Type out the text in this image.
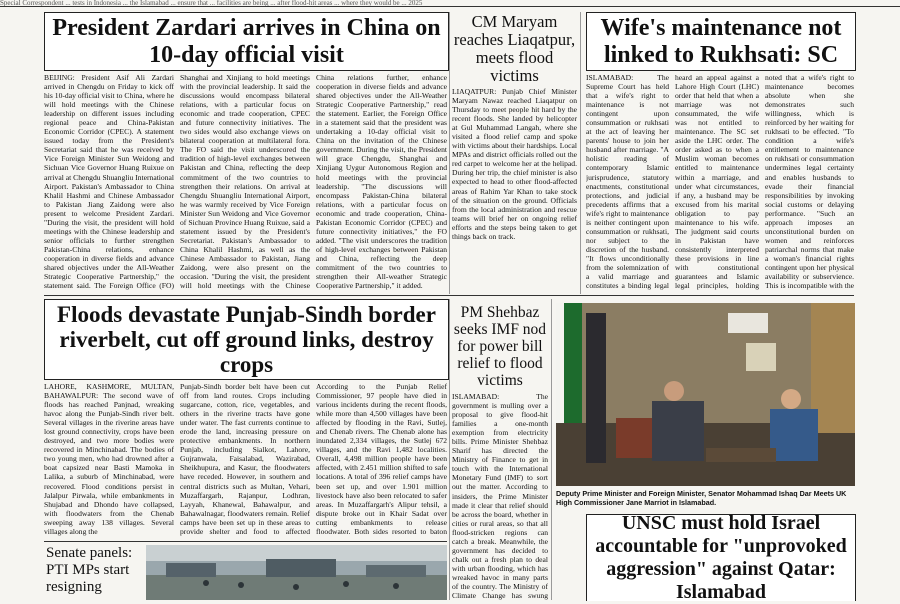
Special Correspondent ... tests in Indonesia ... the Islamabad ... ensure that ... facilities are being ... after flood-hit areas ... where they would be ... 2025
President Zardari arrives in China on 10-day official visit

BEIJING: President Asif Ali Zardari arrived in Chengdu on Friday to kick off his 10-day official visit to China, where he will hold meetings with the Chinese leadership on different issues including regional peace and China-Pakistan Economic Corridor (CPEC). A statement issued today from the President's Secretariat said that he was received by Vice Foreign Minister Sun Weidong and Sichuan Vice Governor Huang Ruixue on arrival at Chengdu Shuangliu International Airport. Pakistan's Ambassador to China Khalil Hashmi and Chinese Ambassador to Pakistan Jiang Zaidong were also present to welcome President Zardari. "During the visit, the president will hold meetings with the Chinese leadership and senior officials to further strengthen Pakistan-China relations, enhance cooperation in diverse fields and advance shared objectives under the All-Weather Strategic Cooperative Partnership," the statement said. The Foreign Office (FO)

Shanghai and Xinjiang to hold meetings with the provincial leadership. It said the discussions would encompass bilateral relations, with a particular focus on economic and trade cooperation, CPEC and future connectivity initiatives. The two sides would also exchange views on bilateral cooperation at multilateral fora. The FO said the visit underscored the tradition of high-level exchanges between Pakistan and China, reflecting the deep commitment of the two countries to strengthen their relations. On arrival at Chengdu Shuangliu International Airport, he was warmly received by Vice Foreign Minister Sun Weidong and Vice Governor of Sichuan Province Huang Ruixue, said a statement issued by the President's Secretariat. Pakistan's Ambassador to China Khalil Hashmi, as well as the Chinese Ambassador to Pakistan, Jiang Zaidong, were also present on the occasion. "During the visit, the president will hold meetings with the Chinese

China relations further, enhance cooperation in diverse fields and advance shared objectives under the All-Weather Strategic Cooperative Partnership," read the statement. Earlier, the Foreign Office in a statement said that the president was undertaking a 10-day official visit to China on the invitation of the Chinese government. During the visit, the President will grace Chengdu, Shanghai and Xinjiang Uygur Autonomous Region and hold meetings with the provincial leadership. "The discussions will encompass Pakistan-China bilateral relations, with a particular focus on economic and trade cooperation, China-Pakistan Economic Corridor (CPEC) and future connectivity initiatives," the FO added. "The visit underscores the tradition of high-level exchanges between Pakistan and China, reflecting the deep commitment of the two countries to strengthen their All-weather Strategic Cooperative Partnership," it added.

CM Maryam reaches Liaqatpur, meets flood victims

LIAQATPUR: Punjab Chief Minister Maryam Nawaz reached Liaqatpur on Thursday to meet people hit hard by the recent floods. She landed by helicopter at Gul Muhammad Langah, where she visited a flood relief camp and spoke with victims about their hardships. Local MPAs and district officials rolled out the red carpet to welcome her at the helipad. During her trip, the chief minister is also expected to head to other flood-affected areas of Rahim Yar Khan to take stock of the situation on the ground. Officials from the local administration and rescue teams will brief her on ongoing relief efforts and the steps being taken to get things back on track.

Wife's maintenance not linked to Rukhsati: SC

ISLAMABAD: The Supreme Court has held that a wife's right to maintenance is not contingent upon consummation or rukhsati at the act of leaving her parents' house to join her husband after marriage. "A holistic reading of contemporary Islamic jurisprudence, statutory enactments, constitutional protections, and judicial precedents affirms that a wife's right to maintenance is neither contingent upon consummation or rukhsati, nor subject to the discretion of the husband. "It flows unconditionally from the solemnization of a valid marriage and constitutes a binding legal

heard an appeal against a Lahore High Court (LHC) order that held that when a marriage was not consummated, the wife was not entitled to maintenance. The SC set aside the LHC order. The order asked as to when a Muslim woman becomes entitled to maintenance within a marriage, and under what circumstances, if any, a husband may be excused from his marital obligation to pay maintenance to his wife. The judgment said courts in Pakistan have consistently interpreted these provisions in line with constitutional guarantees and Islamic legal principles, holding

noted that a wife's right to maintenance becomes absolute when she demonstrates such willingness, which is reinforced by her waiting for rukhsati to be effected. "To condition a wife's entitlement to maintenance on rukhsati or consummation undermines legal certainty and enables husbands to evade their financial responsibilities by invoking social customs or delaying performance. "Such an approach imposes an unconstitutional burden on women and reinforces patriarchal norms that make a woman's financial rights contingent upon her physical availability or subservience. This is incompatible with the

Floods devastate Punjab-Sindh border riverbelt, cut off ground links, destroy crops

LAHORE, KASHMORE, MULTAN, BAHAWALPUR: The second wave of floods has reached Panjnad, wreaking havoc along the Punjab-Sindh river belt. Several villages in the riverine areas have lost ground connectivity, crops have been destroyed, and two more bodies were recovered in Minchinabad. The bodies of two young men, who had drowned after a boat capsized near Basti Mamoka in Lalika, a suburb of Minchinabad, were recovered. Flood conditions persist in Jalalpur Pirwala, while embankments in Shujabad and Dhondo have collapsed, with floodwaters from the Chenab sweeping away 138 villages. Several villages along the

Punjab-Sindh border belt have been cut off from land routes. Crops including sugarcane, cotton, rice, vegetables, and others in the riverine tracts have gone under water. The fast currents continue to erode the land, increasing pressure on protective embankments. In northern Punjab, including Sialkot, Lahore, Gujranwala, Faisalabad, Wazirabad, Sheikhupura, and Kasur, the floodwaters have receded. However, in southern and central districts such as Multan, Vehari, Muzaffargarh, Rajanpur, Lodhran, Layyah, Khanewal, Bahawalpur, and Bahawalnagar, floodwaters remain. Relief camps have been set up in these areas to provide shelter and food to affected

According to the Punjab Relief Commissioner, 97 people have died in various incidents during the recent floods, while more than 4,500 villages have been affected by flooding in the Ravi, Sutlej, and Chenab rivers. The Chenab alone has inundated 2,334 villages, the Sutlej 672 villages, and the Ravi 1,482 localities. Overall, 4,498 million people have been affected, with 2.451 million shifted to safe locations. A total of 396 relief camps have been set up, and over 1.901 million livestock have also been relocated to safer areas. In Muzaffargarh's Alipur tehsil, a dispute broke out in Khair Sadat over cutting embankments to release floodwater. Both sides resorted to baton

Senate panels: PTI MPs start resigning
PM Shehbaz seeks IMF nod for power bill relief to flood victims

ISLAMABAD: The government is mulling over a proposal to give flood-hit families a one-month exemption from electricity bills. Prime Minister Shehbaz Sharif has directed the Ministry of Finance to get in touch with the International Monetary Fund (IMF) to sort out the matter. According to insiders, the Prime Minister made it clear that relief should be across the board, whether in cities or rural areas, so that all flood-stricken regions can catch a break. Meanwhile, the government has decided to chalk out a fresh plan to deal with urban flooding, which has wreaked havoc in many parts of the country. The Ministry of Climate Change has swung

Deputy Prime Minister and Foreign Minister, Senator Mohammad Ishaq Dar Meets UK High Commissioner Jane Marriot in Islamabad.
UNSC must hold Israel accountable for "unprovoked aggression" against Qatar: Islamabad
